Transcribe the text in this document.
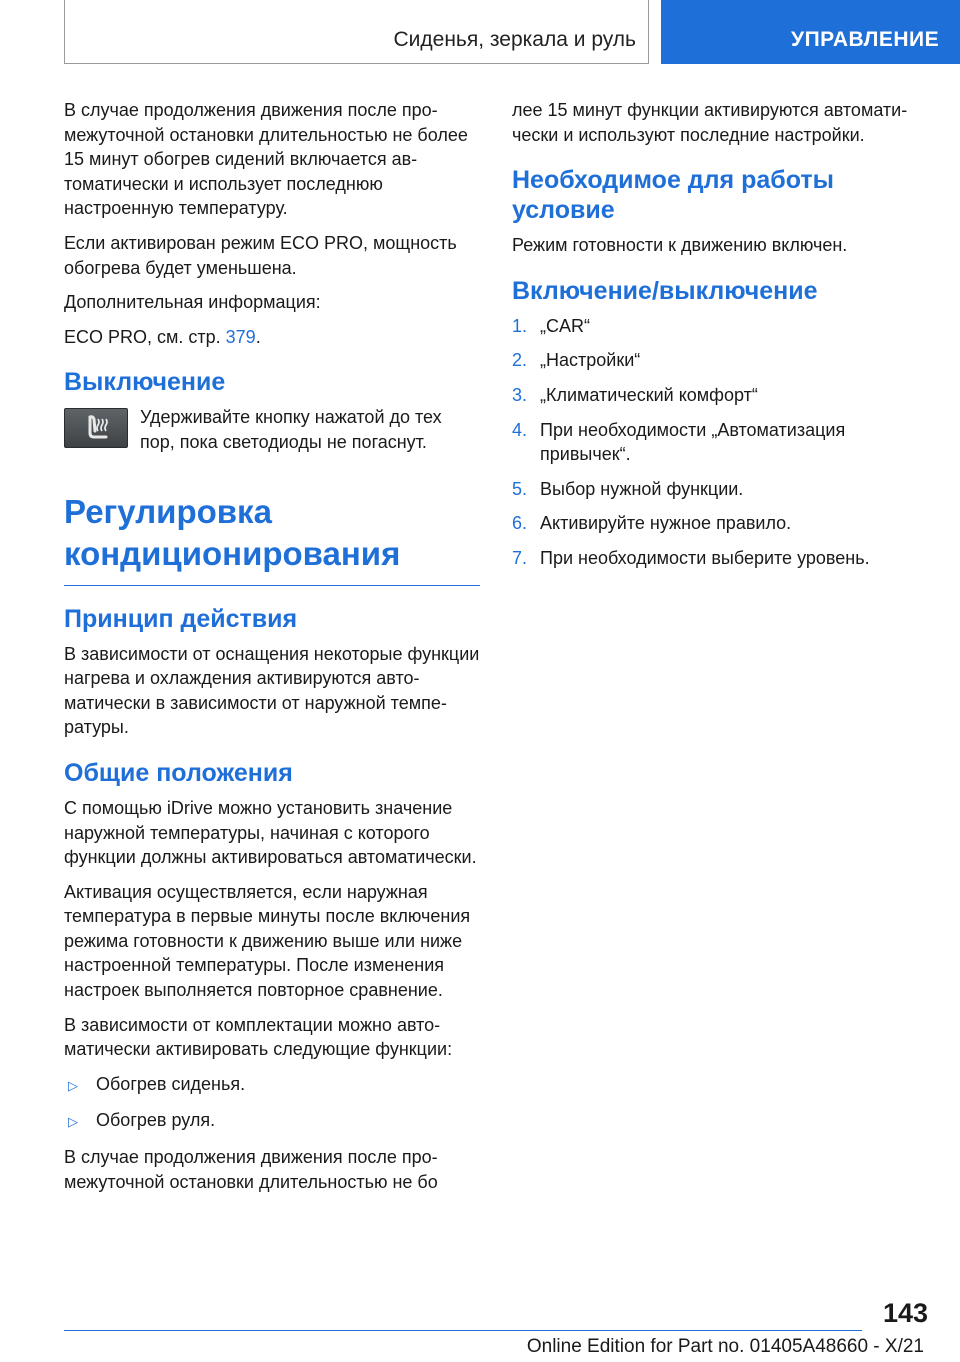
Сиденья, зеркала и руль	УПРАВЛЕНИЕ

В случае продолжения движения после промежуточной остановки длительностью не более 15 минут обогрев сидений включается автоматически и использует последнюю настроенную температуру.

Если активирован режим ECO PRO, мощность обогрева будет уменьшена.

Дополнительная информация:

ECO PRO, см. стр. 379.

Выключение

Удерживайте кнопку нажатой до тех пор, пока светодиоды не погаснут.

Регулировка кондиционирования
Принцип действия

В зависимости от оснащения некоторые функции нагрева и охлаждения активируются автоматически в зависимости от наружной температуры.

Общие положения

С помощью iDrive можно установить значение наружной температуры, начиная с которого функции должны активироваться автоматически.

Активация осуществляется, если наружная температура в первые минуты после включения режима готовности к движению выше или ниже настроенной температуры. После изменения настроек выполняется повторное сравнение.

В зависимости от комплектации можно автоматически активировать следующие функции:

▷	Обогрев сиденья.
▷	Обогрев руля.

В случае продолжения движения после промежуточной остановки длительностью не бо

лее 15 минут функции активируются автоматически и используют последние настройки.

Необходимое для работы условие

Режим готовности к движению включен.

Включение/выключение
1. „CAR“
2. „Настройки“
3. „Климатический комфорт“
4. При необходимости „Автоматизация привычек“.
5. Выбор нужной функции.
6. Активируйте нужное правило.
7. При необходимости выберите уровень.
143
Online Edition for Part no. 01405A48660 - X/21
